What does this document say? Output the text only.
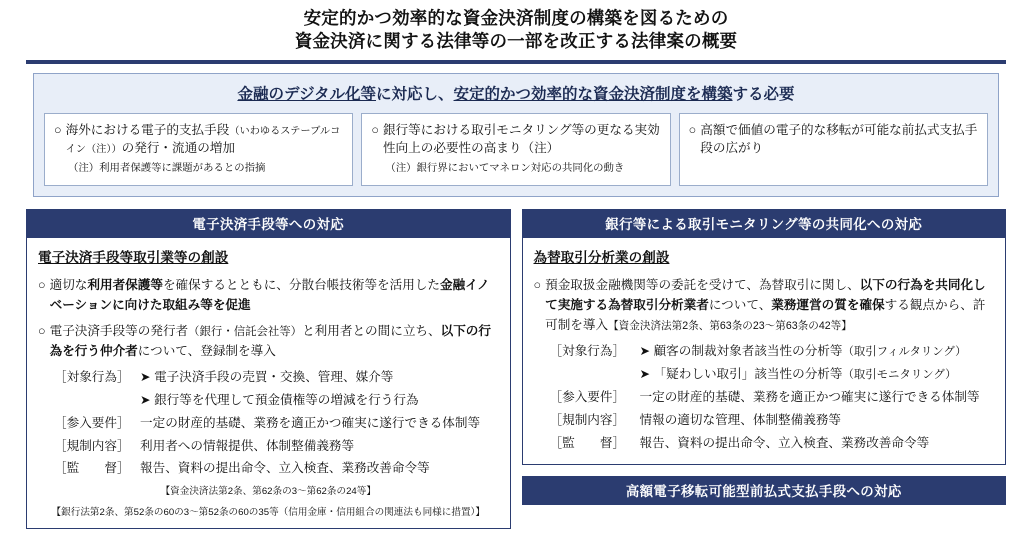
安定的かつ効率的な資金決済制度の構築を図るための
資金決済に関する法律等の一部を改正する法律案の概要
金融のデジタル化等に対応し、安定的かつ効率的な資金決済制度を構築する必要
○ 海外における電子的支払手段（いわゆるステーブルコイン（注））の発行・流通の増加
（注）利用者保護等に課題があるとの指摘
○ 銀行等における取引モニタリング等の更なる実効性向上の必要性の高まり（注）
（注）銀行界においてマネロン対応の共同化の動き
○ 高額で価値の電子的な移転が可能な前払式支払手段の広がり
電子決済手段等への対応
電子決済手段等取引業等の創設
○ 適切な利用者保護等を確保するとともに、分散台帳技術等を活用した金融イノベーションに向けた取組み等を促進
○ 電子決済手段等の発行者（銀行・信託会社等）と利用者との間に立ち、以下の行為を行う仲介者について、登録制を導入
［対象行為］ ➤ 電子決済手段の売買・交換、管理、媒介等
➤ 銀行等を代理して預金債権等の増減を行う行為
［参入要件］ 一定の財産的基礎、業務を適正かつ確実に遂行できる体制等
［規制内容］ 利用者への情報提供、体制整備義務等
［監　　督］ 報告、資料の提出命令、立入検査、業務改善命令等
【資金決済法第2条、第62条の3～第62条の24等】
【銀行法第2条、第52条の60の3～第52条の60の35等（信用金庫・信用組合の関連法も同様に措置）】
銀行等による取引モニタリング等の共同化への対応
為替取引分析業の創設
○ 預金取扱金融機関等の委託を受けて、為替取引に関し、以下の行為を共同化して実施する為替取引分析業者について、業務運営の質を確保する観点から、許可制を導入【資金決済法第2条、第63条の23～第63条の42等】
［対象行為］	➤ 顧客の制裁対象者該当性の分析等（取引フィルタリング）
➤ 「疑わしい取引」該当性の分析等（取引モニタリング）
［参入要件］	一定の財産的基礎、業務を適正かつ確実に遂行できる体制等
［規制内容］	情報の適切な管理、体制整備義務等
［監　　督］	報告、資料の提出命令、立入検査、業務改善命令等
高額電子移転可能型前払式支払手段への対応
